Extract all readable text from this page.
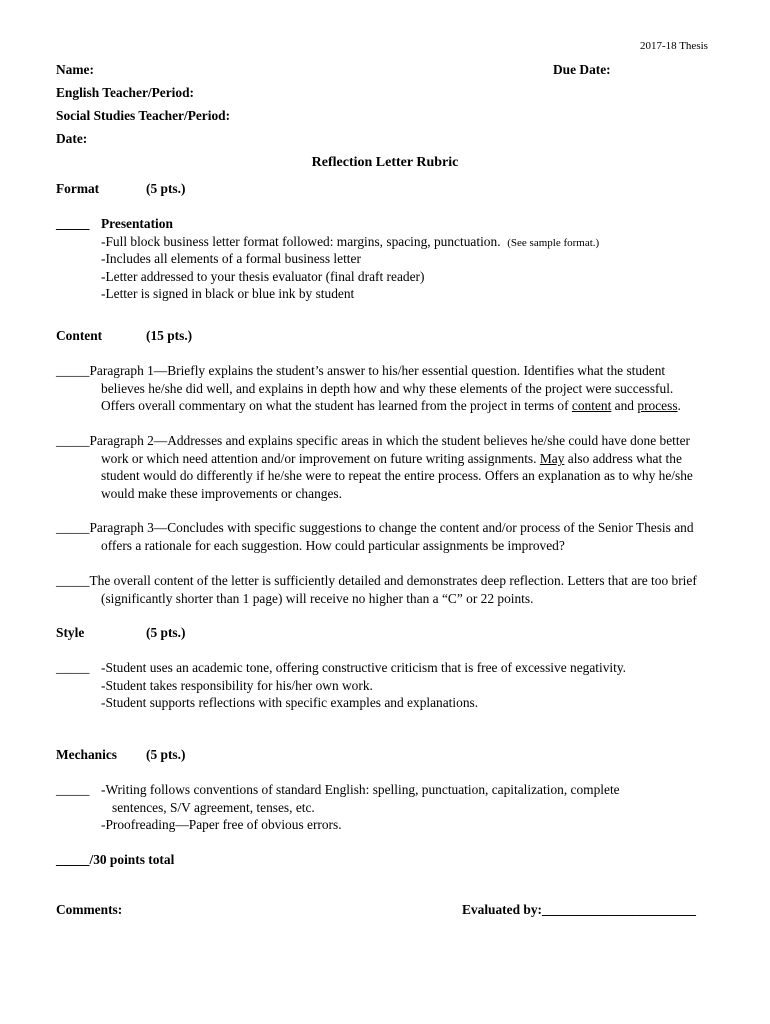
2017-18 Thesis
Name:	Due Date:
English Teacher/Period:
Social Studies Teacher/Period:
Date:
Reflection Letter Rubric
Format	(5 pts.)
_____ Presentation
-Full block business letter format followed: margins, spacing, punctuation. (See sample format.)
-Includes all elements of a formal business letter
-Letter addressed to your thesis evaluator (final draft reader)
-Letter is signed in black or blue ink by student
Content	(15 pts.)
_____Paragraph 1—Briefly explains the student’s answer to his/her essential question. Identifies what the student
believes he/she did well, and explains in depth how and why these elements of the project were successful.
Offers overall commentary on what the student has learned from the project in terms of content and process.
_____Paragraph 2—Addresses and explains specific areas in which the student believes he/she could have done better
work or which need attention and/or improvement on future writing assignments. May also address what the
student would do differently if he/she were to repeat the entire process. Offers an explanation as to why he/she
would make these improvements or changes.
_____Paragraph 3—Concludes with specific suggestions to change the content and/or process of the Senior Thesis and
offers a rationale for each suggestion. How could particular assignments be improved?
_____The overall content of the letter is sufficiently detailed and demonstrates deep reflection. Letters that are too brief
(significantly shorter than 1 page) will receive no higher than a “C” or 22 points.
Style	(5 pts.)
_____ -Student uses an academic tone, offering constructive criticism that is free of excessive negativity.
-Student takes responsibility for his/her own work.
-Student supports reflections with specific examples and explanations.
Mechanics (5 pts.)
_____ -Writing follows conventions of standard English: spelling, punctuation, capitalization, complete
sentences, S/V agreement, tenses, etc.
-Proofreading—Paper free of obvious errors.
_____/30 points total
Comments:	Evaluated by:_______________________
